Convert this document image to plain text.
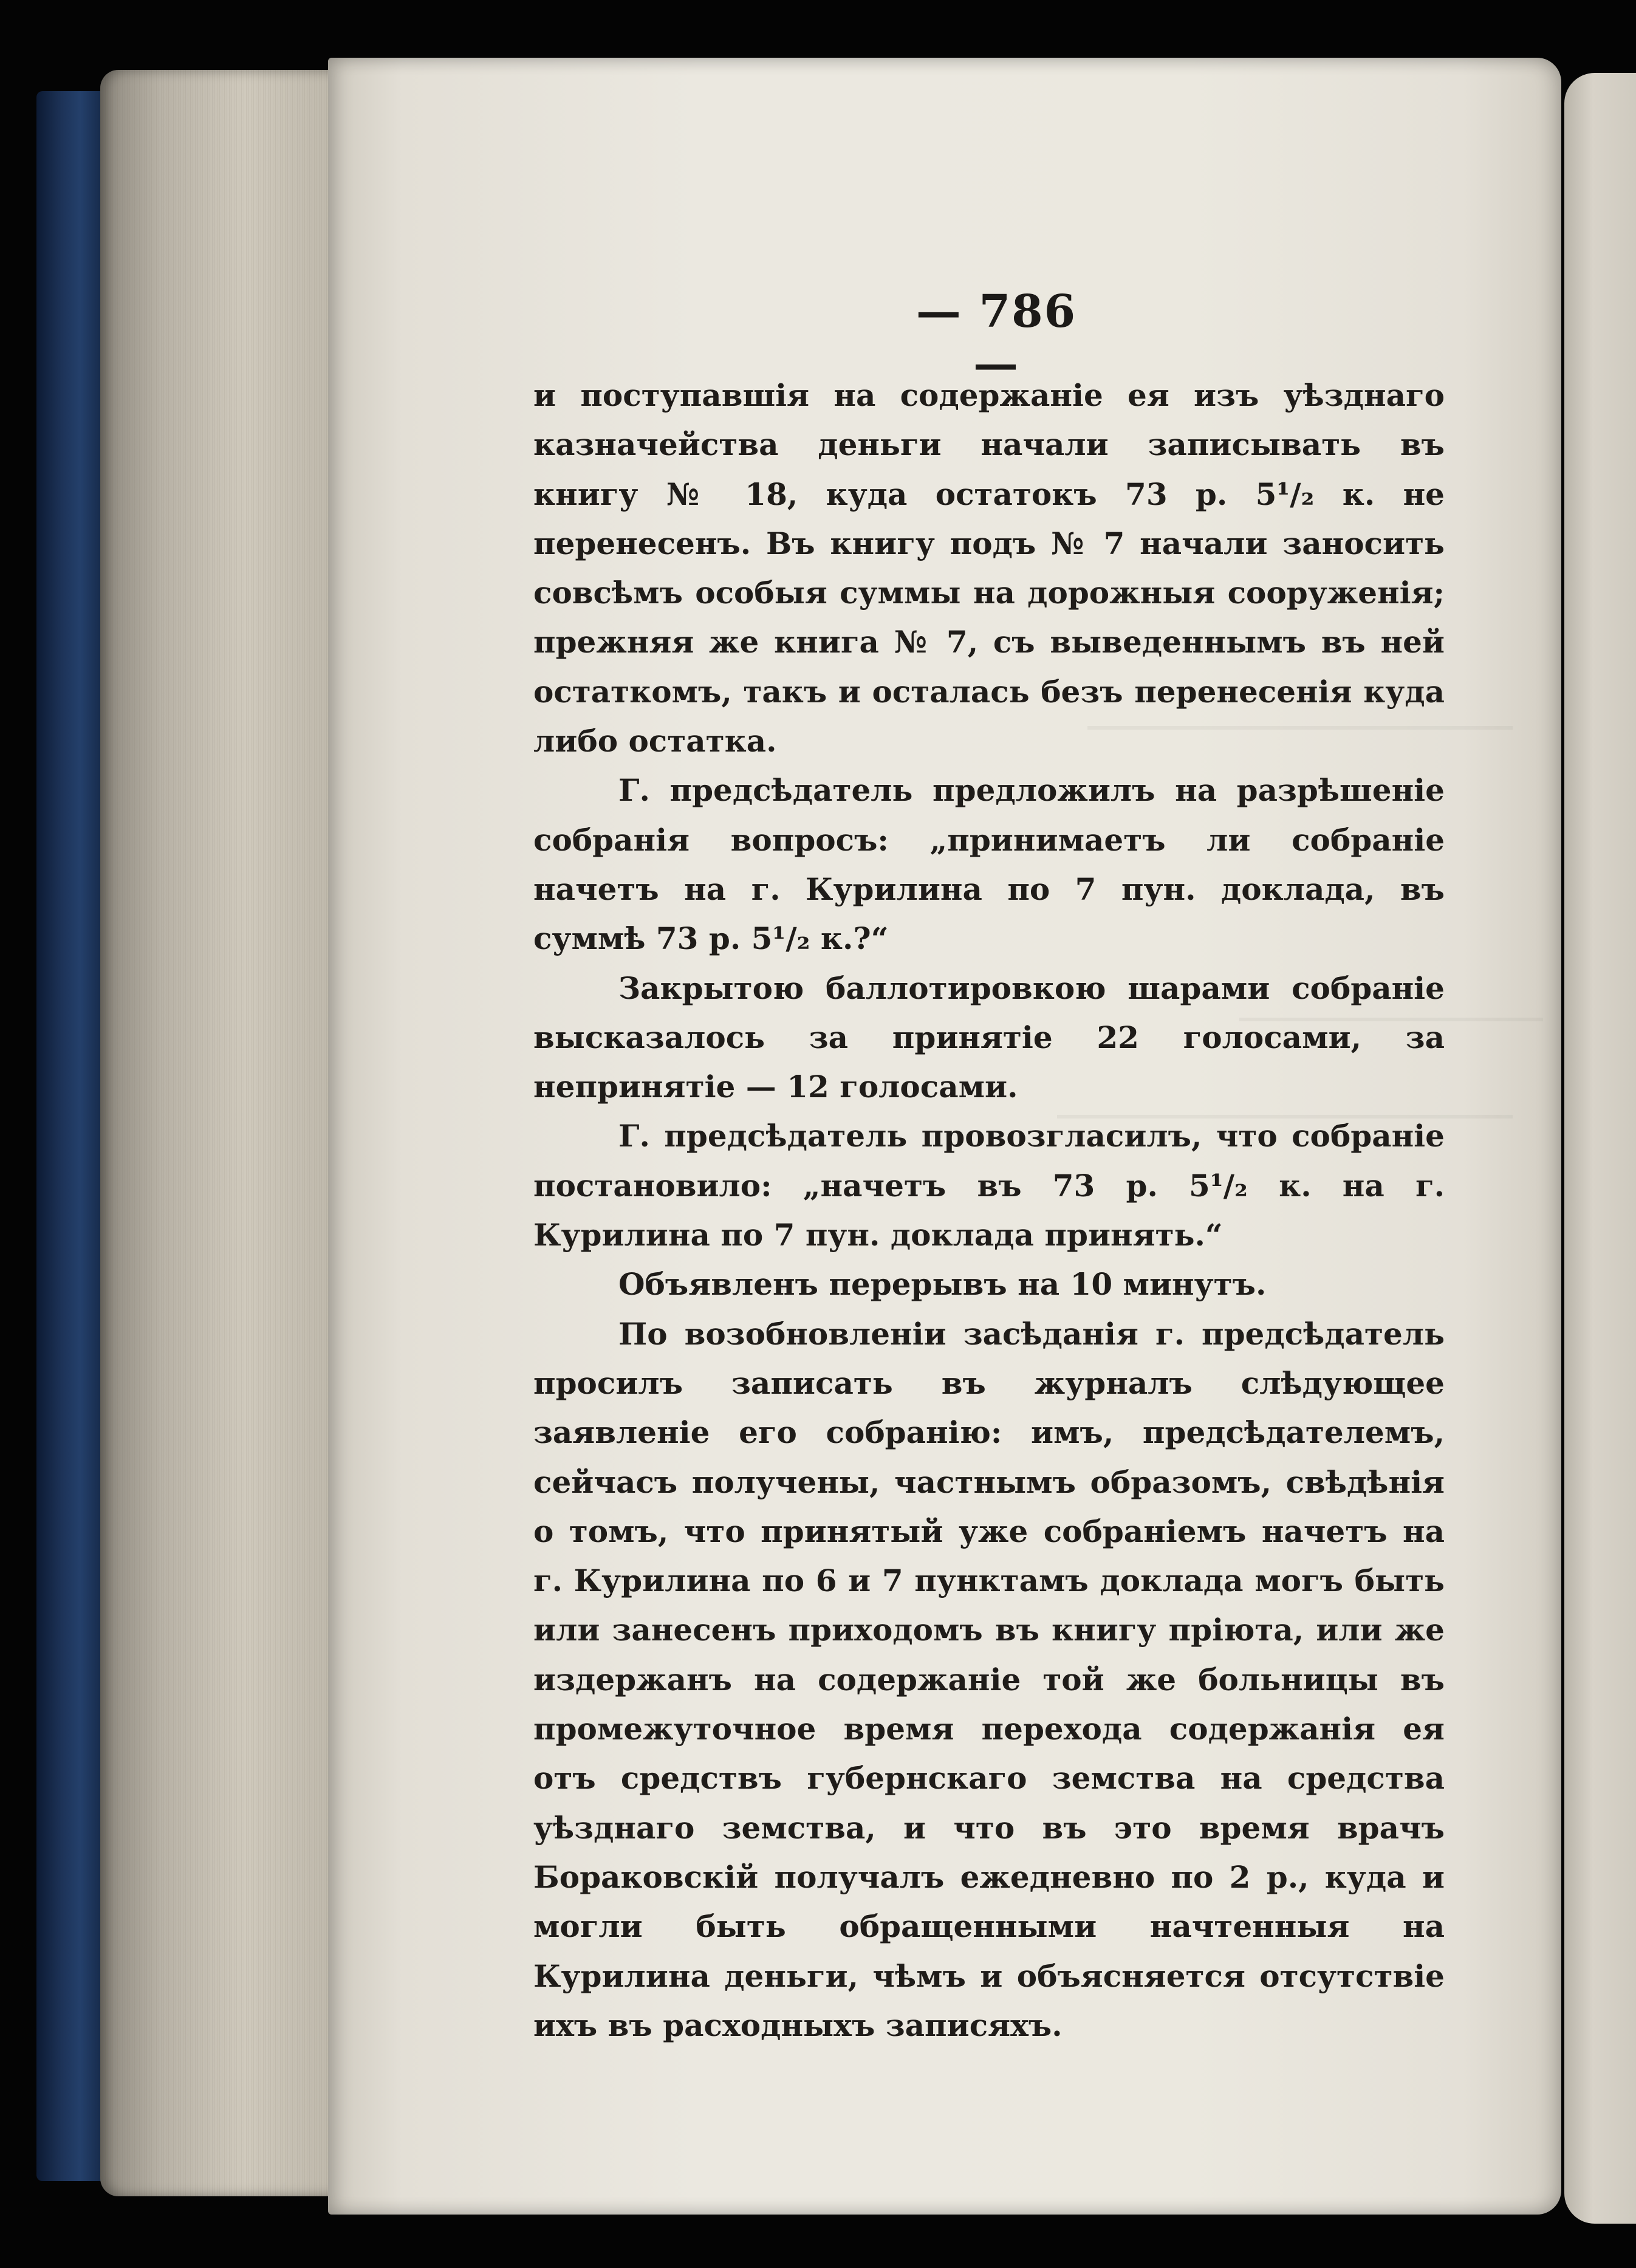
— 786 —

и поступавшія на содержаніе ея изъ уѣзднаго казначейства деньги начали записывать въ книгу № 18, куда остатокъ 73 р. 5¹/₂ к. не перенесенъ. Въ книгу подъ № 7 начали заносить совсѣмъ особыя суммы на дорожныя сооруженія; прежняя же книга № 7, съ выведеннымъ въ ней остаткомъ, такъ и осталась безъ перенесенія куда либо остатка.

Г. предсѣдатель предложилъ на разрѣшеніе собранія вопросъ: „принимаетъ ли собраніе начетъ на г. Курилина по 7 пун. доклада, въ суммѣ 73 р. 5¹/₂ к.?“

Закрытою баллотировкою шарами собраніе высказалось за принятіе 22 голосами, за непринятіе — 12 голосами.

Г. предсѣдатель провозгласилъ, что собраніе постановило: „начетъ въ 73 р. 5¹/₂ к. на г. Курилина по 7 пун. доклада принять.“

Объявленъ перерывъ на 10 минутъ.

По возобновленіи засѣданія г. предсѣдатель просилъ записать въ журналъ слѣдующее заявленіе его собранію: имъ, предсѣдателемъ, сейчасъ получены, частнымъ образомъ, свѣдѣнія о томъ, что принятый уже собраніемъ начетъ на г. Курилина по 6 и 7 пунктамъ доклада могъ быть или занесенъ приходомъ въ книгу пріюта, или же издержанъ на содержаніе той же больницы въ промежуточное время перехода содержанія ея отъ средствъ губернскаго земства на средства уѣзднаго земства, и что въ это время врачъ Бораковскій получалъ ежедневно по 2 р., куда и могли быть обращенными начтенныя на Курилина деньги, чѣмъ и объясняется отсутствіе ихъ въ расходныхъ записяхъ.
